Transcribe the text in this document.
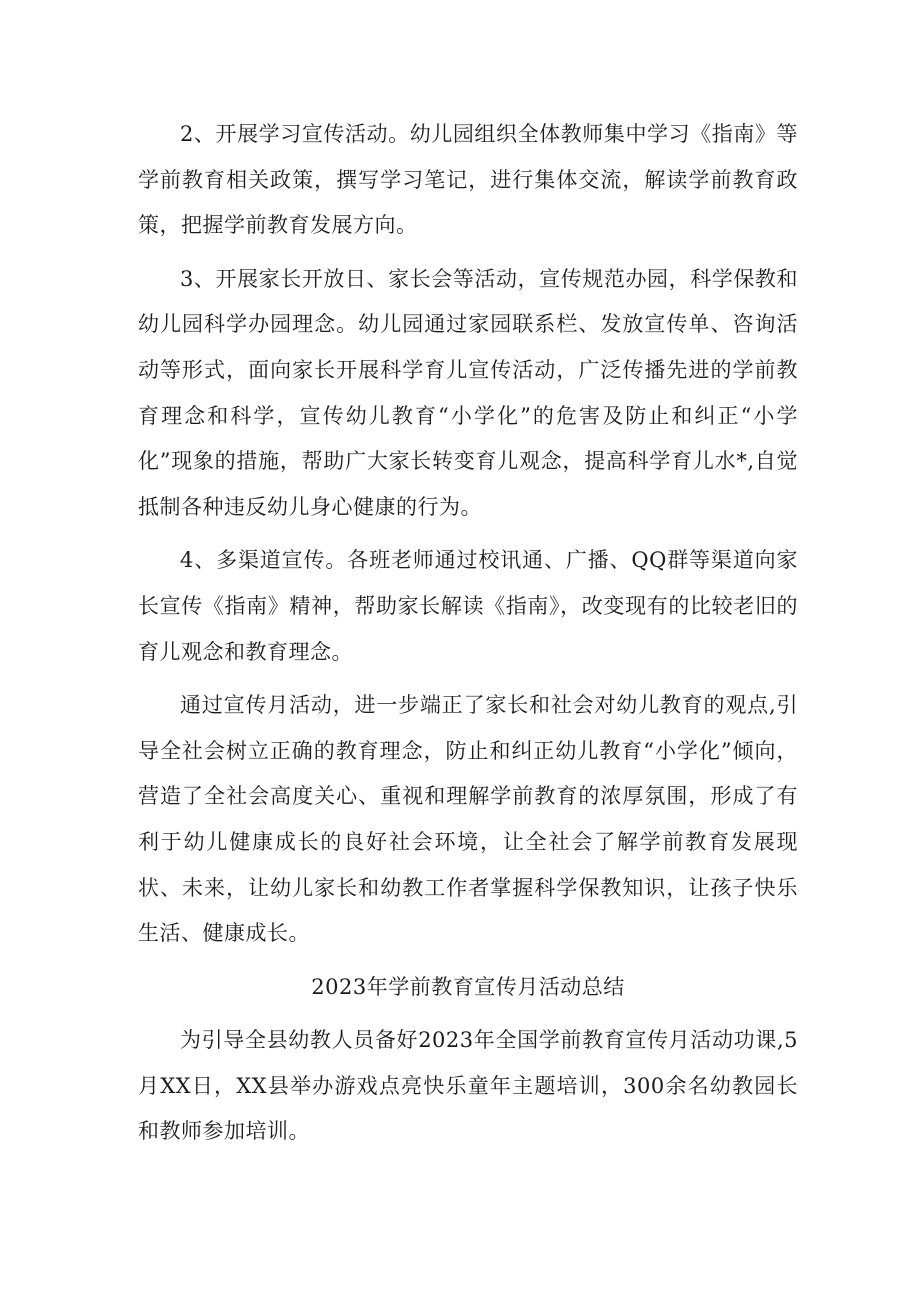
2、开展学习宣传活动。幼儿园组织全体教师集中学习《指南》等学前教育相关政策，撰写学习笔记，进行集体交流，解读学前教育政策，把握学前教育发展方向。

3、开展家长开放日、家长会等活动，宣传规范办园，科学保教和幼儿园科学办园理念。幼儿园通过家园联系栏、发放宣传单、咨询活动等形式，面向家长开展科学育儿宣传活动，广泛传播先进的学前教育理念和科学，宣传幼儿教育“小学化”的危害及防止和纠正“小学化”现象的措施，帮助广大家长转变育儿观念，提高科学育儿水*,自觉抵制各种违反幼儿身心健康的行为。

4、多渠道宣传。各班老师通过校讯通、广播、QQ群等渠道向家长宣传《指南》精神，帮助家长解读《指南》，改变现有的比较老旧的育儿观念和教育理念。

通过宣传月活动，进一步端正了家长和社会对幼儿教育的观点,引导全社会树立正确的教育理念，防止和纠正幼儿教育“小学化”倾向，营造了全社会高度关心、重视和理解学前教育的浓厚氛围，形成了有利于幼儿健康成长的良好社会环境，让全社会了解学前教育发展现状、未来，让幼儿家长和幼教工作者掌握科学保教知识，让孩子快乐生活、健康成长。

2023年学前教育宣传月活动总结

为引导全县幼教人员备好2023年全国学前教育宣传月活动功课,5月XX日，XX县举办游戏点亮快乐童年主题培训，300余名幼教园长和教师参加培训。
